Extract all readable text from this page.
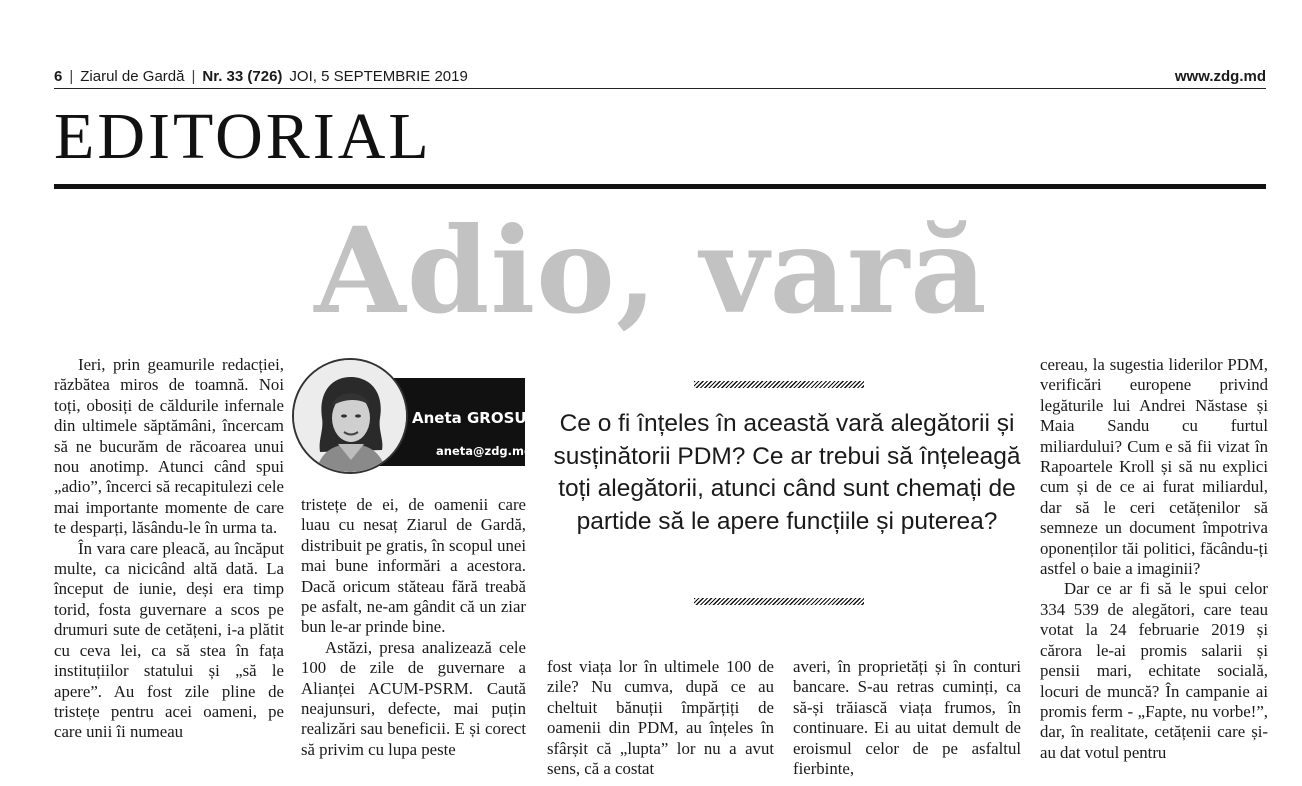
6 | Ziarul de Gardă | Nr. 33 (726) JOI, 5 SEPTEMBRIE 2019	www.zdg.md
EDITORIAL
Adio, vară

Ieri, prin geamurile redacției, răzbătea miros de toamnă. Noi toți, obosiți de căldurile infernale din ultimele săptămâni, încercam să ne bucurăm de răcoarea unui nou anotimp. Atunci când spui „adio”, încerci să recapitulezi cele mai importante momente de care te desparți, lăsându-le în urma ta.

În vara care pleacă, au încăput multe, ca nicicând altă dată. La început de iunie, deși era timp torid, fosta guvernare a scos pe drumuri sute de cetățeni, i-a plătit cu ceva lei, ca să stea în fața instituțiilor statului și „să le apere”. Au fost zile pline de tristețe pentru acei oameni, pe care unii îi numeau

Aneta GROSU
aneta@zdg.md

tristețe de ei, de oamenii care luau cu nesaț Ziarul de Gardă, distribuit pe gratis, în scopul unei mai bune informări a acestora. Dacă oricum stăteau fără treabă pe asfalt, ne-am gândit că un ziar bun le-ar prinde bine.

Astăzi, presa analizează cele 100 de zile de guvernare a Alianței ACUM-PSRM. Caută neajunsuri, defecte, mai puțin realizări sau beneficii. E și corect să privim cu lupa peste

Ce o fi înțeles în această vară alegătorii și susținătorii PDM? Ce ar trebui să înțeleagă toți alegătorii, atunci când sunt chemați de partide să le apere funcțiile și puterea?

fost viața lor în ultimele 100 de zile? Nu cumva, după ce au cheltuit bănuții împărțiți de oamenii din PDM, au înțeles în sfârșit că „lupta” lor nu a avut sens, că a costat

averi, în proprietăți și în conturi bancare. S-au retras cuminți, ca să-și trăiască viața frumos, în continuare. Ei au uitat demult de eroismul celor de pe asfaltul fierbinte,

cereau, la sugestia liderilor PDM, verificări europene privind legăturile lui Andrei Năstase și Maia Sandu cu furtul miliardului? Cum e să fii vizat în Rapoartele Kroll și să nu explici cum și de ce ai furat miliardul, dar să le ceri cetățenilor să semneze un document împotriva oponenților tăi politici, făcându-ți astfel o baie a imaginii?

Dar ce ar fi să le spui celor 334 539 de alegători, care teau votat la 24 februarie 2019 și cărora le-ai promis salarii și pensii mari, echitate socială, locuri de muncă? În campanie ai promis ferm - „Fapte, nu vorbe!”, dar, în realitate, cetățenii care și-au dat votul pentru
